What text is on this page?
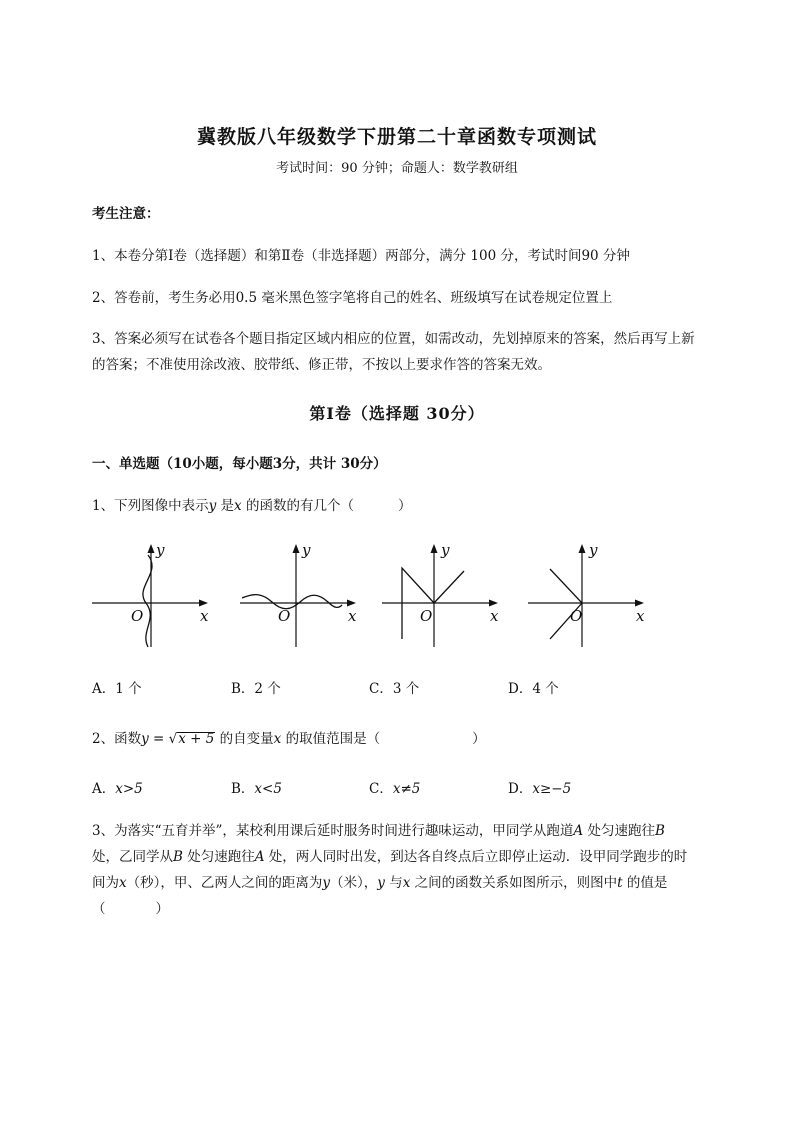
冀教版八年级数学下册第二十章函数专项测试
考试时间：90 分钟；命题人：数学教研组
考生注意：
1、本卷分第Ⅰ卷（选择题）和第Ⅱ卷（非选择题）两部分，满分 100 分，考试时间90 分钟
2、答卷前，考生务必用0.5 毫米黑色签字笔将自己的姓名、班级填写在试卷规定位置上
3、答案必须写在试卷各个题目指定区域内相应的位置，如需改动，先划掉原来的答案，然后再写上新
的答案；不准使用涂改液、胶带纸、修正带，不按以上要求作答的答案无效。
第Ⅰ卷（选择题 30分）
一、单选题（10小题，每小题3分，共计 30分）
1、下列图像中表示y 是x 的函数的有几个（	）
y
x
O
y
x
O
y
x
O
y
x
O
A．1 个	B．2 个	C．3 个	D．4 个
2、函数y = √x + 5 的自变量x 的取值范围是（	）
A．x>5	B．x<5	C．x≠5	D．x≥−5
3、为落实“五育并举”，某校利用课后延时服务时间进行趣味运动，甲同学从跑道A 处匀速跑往B
处，乙同学从B 处匀速跑往A 处，两人同时出发，到达各自终点后立即停止运动．设甲同学跑步的时
间为x（秒），甲、乙两人之间的距离为y（米），y 与x 之间的函数关系如图所示，则图中t 的值是
（	）
